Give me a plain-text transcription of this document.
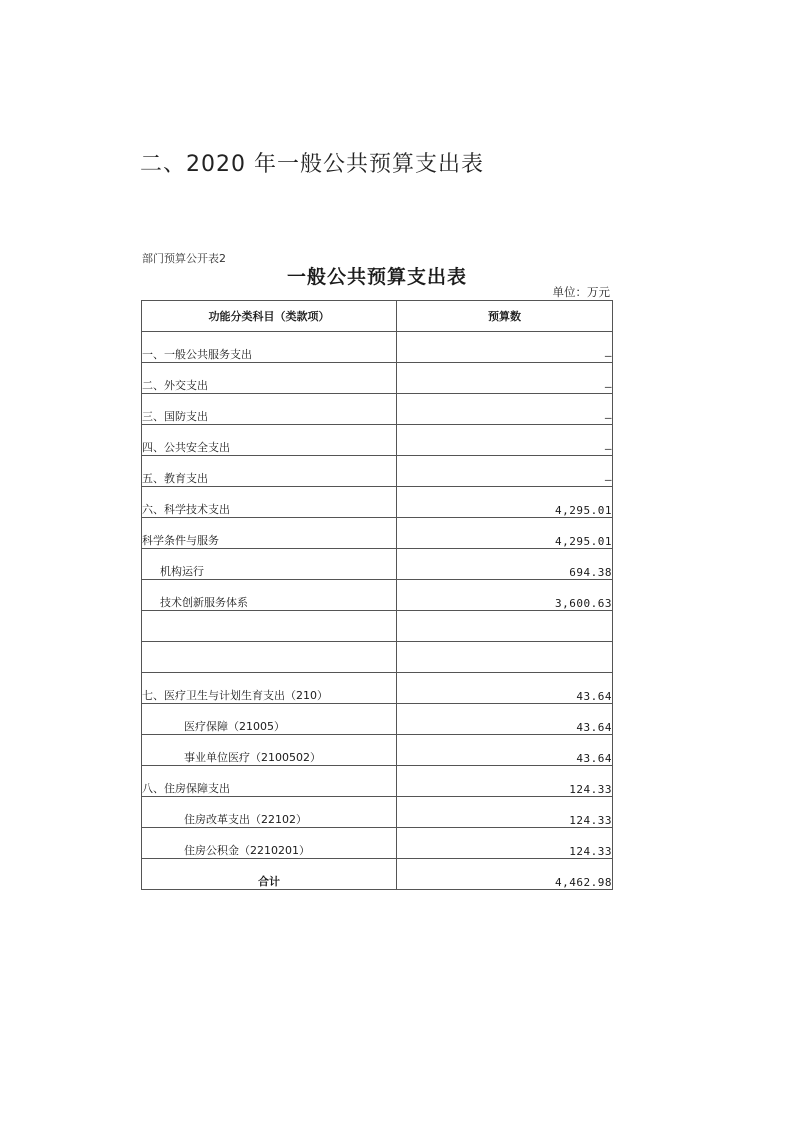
二、2020 年一般公共预算支出表
部门预算公开表2
一般公共预算支出表
单位：万元
功能分类科目（类款项）	预算数
一、一般公共服务支出	—
二、外交支出	—
三、国防支出	—
四、公共安全支出	—
五、教育支出	—
六、科学技术支出	4,295.01
科学条件与服务	4,295.01
机构运行	694.38
技术创新服务体系	3,600.63

七、医疗卫生与计划生育支出（210）	43.64
医疗保障（21005）	43.64
事业单位医疗（2100502）	43.64
八、住房保障支出	124.33
住房改革支出（22102）	124.33
住房公积金（2210201）	124.33
合计	4,462.98
